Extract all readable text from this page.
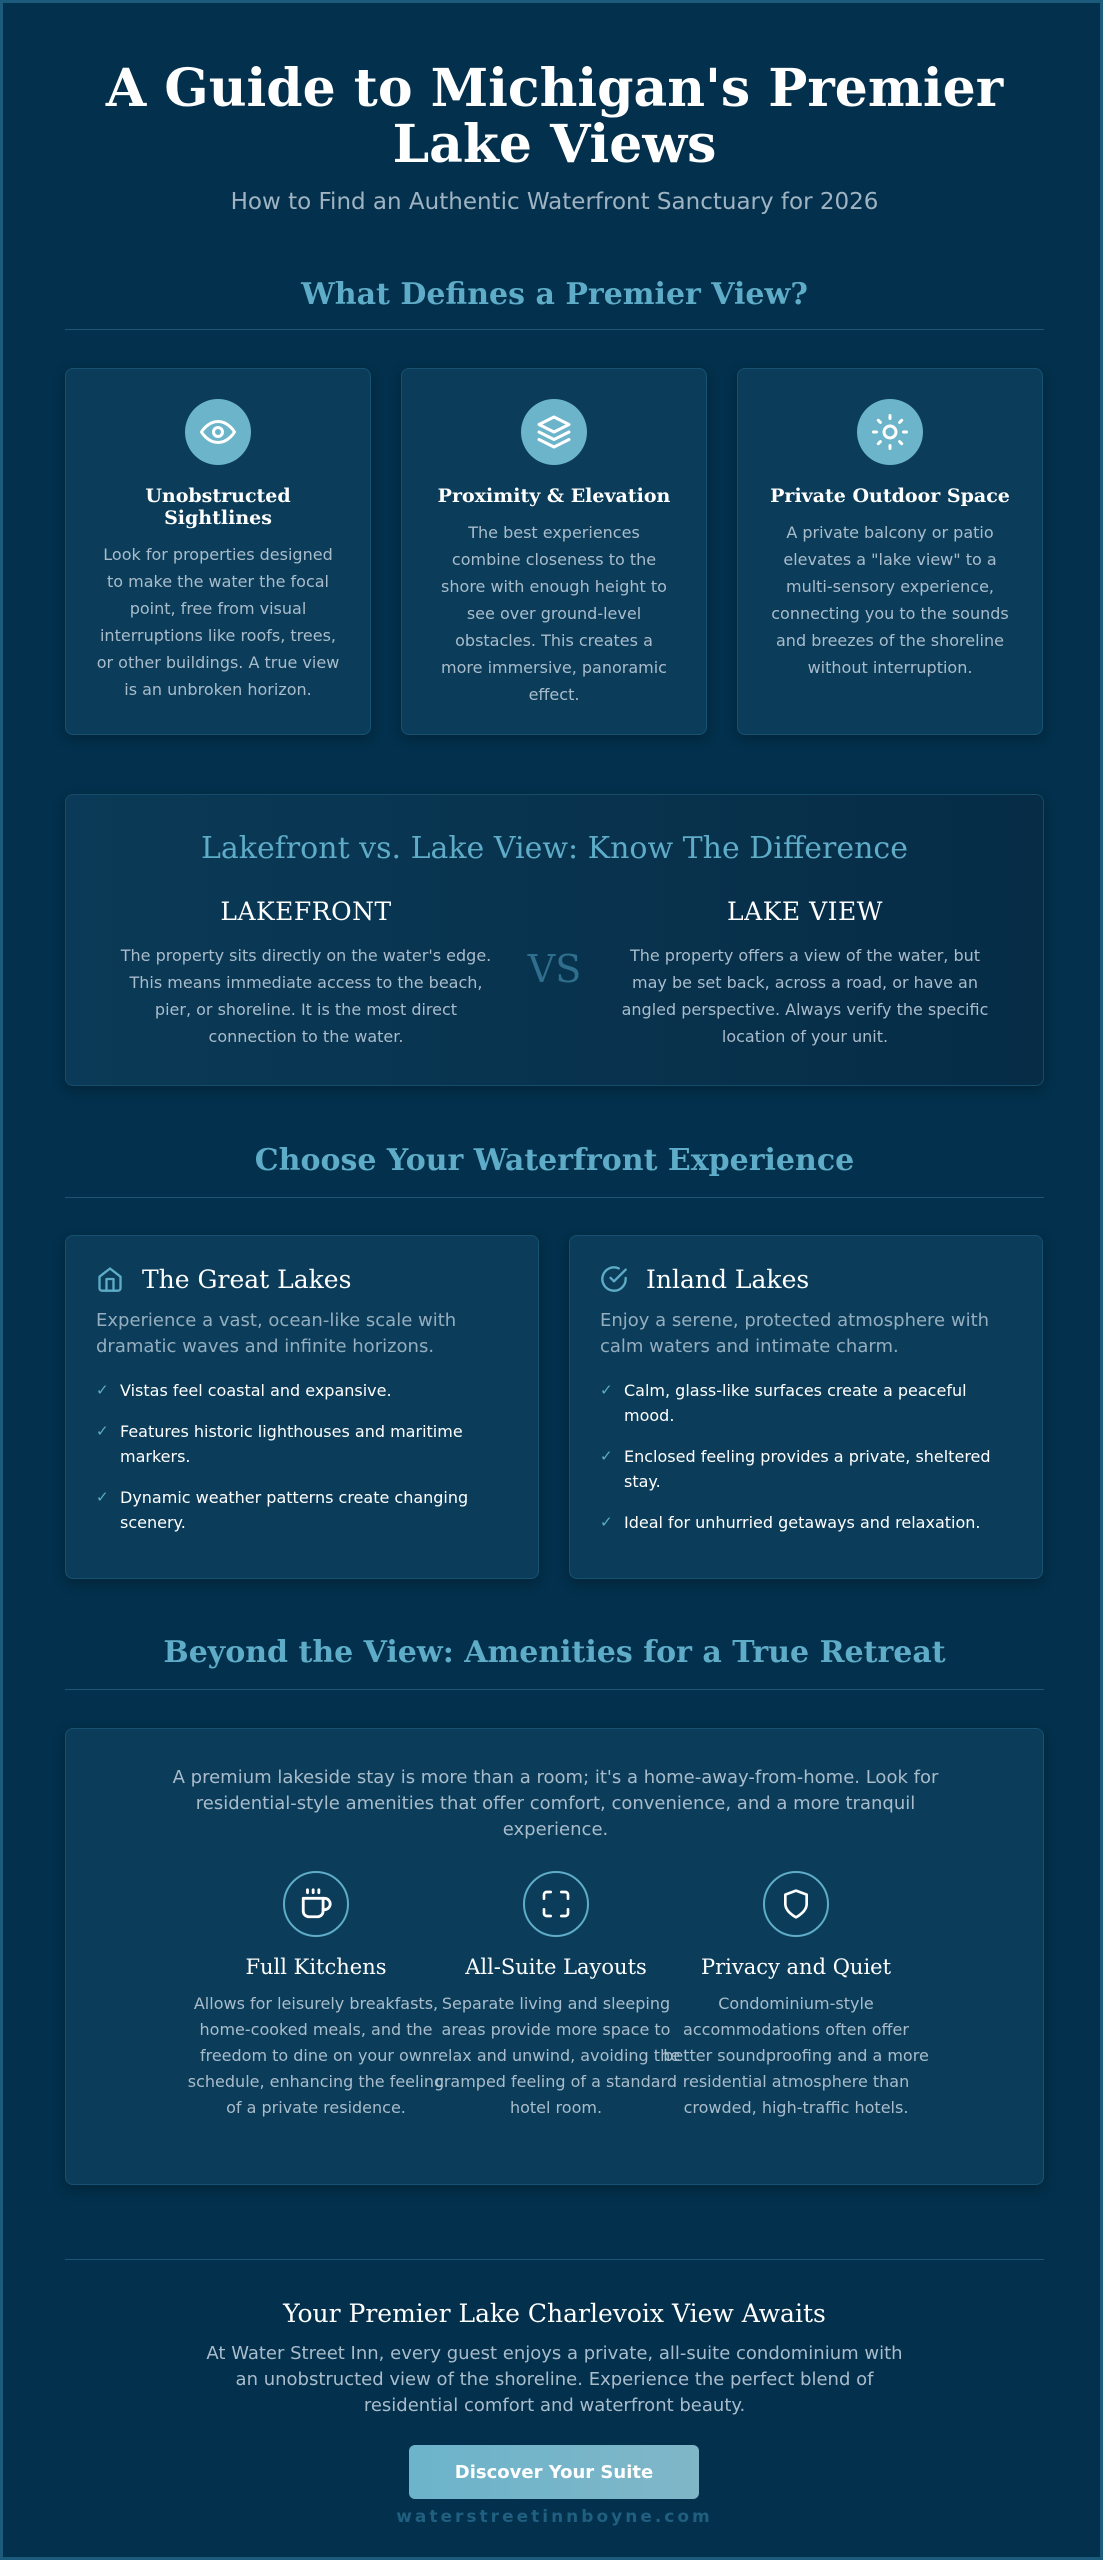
A Guide to Michigan's Premier Lake Views
How to Find an Authentic Waterfront Sanctuary for 2026
What Defines a Premier View?
Unobstructed Sightlines

Look for properties designed to make the water the focal point, free from visual interruptions like roofs, trees, or other buildings. A true view is an unbroken horizon.

Proximity & Elevation

The best experiences combine closeness to the shore with enough height to see over ground-level obstacles. This creates a more immersive, panoramic effect.

Private Outdoor Space

A private balcony or patio elevates a "lake view" to a multi-sensory experience, connecting you to the sounds and breezes of the shoreline without interruption.

Lakefront vs. Lake View: Know The Difference
LAKEFRONT

The property sits directly on the water's edge. This means immediate access to the beach, pier, or shoreline. It is the most direct connection to the water.

VS
LAKE VIEW

The property offers a view of the water, but may be set back, across a road, or have an angled perspective. Always verify the specific location of your unit.

Choose Your Waterfront Experience
The Great Lakes

Experience a vast, ocean-like scale with dramatic waves and infinite horizons.

✓ Vistas feel coastal and expansive.
✓ Features historic lighthouses and maritime markers.
✓ Dynamic weather patterns create changing scenery.
Inland Lakes

Enjoy a serene, protected atmosphere with calm waters and intimate charm.

✓ Calm, glass-like surfaces create a peaceful mood.
✓ Enclosed feeling provides a private, sheltered stay.
✓ Ideal for unhurried getaways and relaxation.
Beyond the View: Amenities for a True Retreat

A premium lakeside stay is more than a room; it's a home-away-from-home. Look for residential-style amenities that offer comfort, convenience, and a more tranquil experience.

Full Kitchens

Allows for leisurely breakfasts, home-cooked meals, and the freedom to dine on your own schedule, enhancing the feeling of a private residence.

All-Suite Layouts

Separate living and sleeping areas provide more space to relax and unwind, avoiding the cramped feeling of a standard hotel room.

Privacy and Quiet

Condominium-style accommodations often offer better soundproofing and a more residential atmosphere than crowded, high-traffic hotels.

Your Premier Lake Charlevoix View Awaits

At Water Street Inn, every guest enjoys a private, all-suite condominium with an unobstructed view of the shoreline. Experience the perfect blend of residential comfort and waterfront beauty.

Discover Your Suite
waterstreetinnboyne.com
